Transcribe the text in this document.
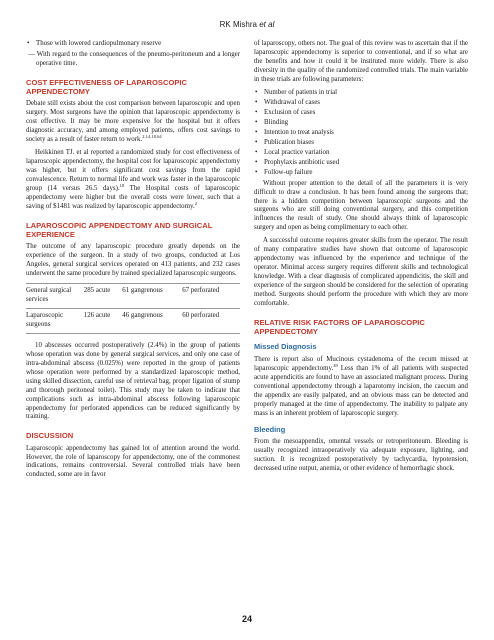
RK Mishra et al
• Those with lowered cardiopulmonary reserve

— With regard to the consequences of the pneumo-peritoneum and a longer operative time.

COST EFFECTIVENESS OF LAPAROSCOPIC APPENDECTOMY

Debate still exists about the cost comparison between laparoscopic and open surgery. Most surgeons have the opinion that laparoscopic appendectomy is cost effective. It may be more expensive for the hospital but it offers diagnostic accuracy, and among employed patients, offers cost savings to society as a result of faster return to work.$^{2,14,18,64}$

Heikkinen TJ. et al reported a randomized study for cost effectiveness of laparoscopic appendectomy, the hospital cost for laparoscopic appendectomy was higher, but it offers significant cost savings from the rapid convalescence. Return to normal life and work was faster in the laparoscopic group (14 versus 26.5 days).$^{18}$ The Hospital costs of laparoscopic appendectomy were higher but the overall costs were lower, such that a saving of $1481 was realized by laparoscopic appendectomy.$^2$

LAPAROSCOPIC APPENDECTOMY AND SURGICAL EXPERIENCE

The outcome of any laparoscopic procedure greatly depends on the experience of the surgeon. In a study of two groups, conducted at Los Angeles, general surgical services operated on 413 patients, and 232 cases underwent the same procedure by trained specialized laparoscopic surgeons.

General surgical services	285 acute	61 gangrenous	67 perforated
Laparoscopic surgeons	126 acute	46 gangrenous	60 perforated

10 abscesses occurred postoperatively (2.4%) in the group of patients whose operation was done by general surgical services, and only one case of intra-abdominal abscess (0.025%) were reported in the group of patients whose operation were performed by a standardized laparoscopic method, using skilled dissection, careful use of retrieval bag, proper ligation of stump and thorough peritoneal toilet). This study may be taken to indicate that complications such as intra-abdominal abscess following laparoscopic appendectomy for perforated appendices can be reduced significantly by training.

DISCUSSION

Laparoscopic appendectomy has gained lot of attention around the world. However, the role of laparoscopy for appendectomy, one of the commonest indications, remains controversial. Several controlled trials have been conducted, some are in favor

of laparoscopy, others not. The goal of this review was to ascertain that if the laparoscopic appendectomy is superior to conventional, and if so what are the benefits and how it could it be instituted more widely. There is also diversity in the quality of the randomized controlled trials. The main variable in these trials are following parameters:

• Number of patients in trial
• Withdrawal of cases
• Exclusion of cases
• Blinding
• Intention to treat analysis
• Publication biases
• Local practice variation
• Prophylaxis antibiotic used
• Follow-up failure

Without proper attention to the detail of all the parameters it is very difficult to draw a conclusion. It has been found among the surgeons that; there is a hidden competition between laparoscopic surgeons and the surgeons who are still doing conventional surgery, and this competition influences the result of study. One should always think of laparoscopic surgery and open as being complimentary to each other.

A successful outcome requires greater skills from the operator. The result of many comparative studies have shown that outcome of laparoscopic appendectomy was influenced by the experience and technique of the operator. Minimal access surgery requires different skills and technological knowledge. With a clear diagnosis of complicated appendicitis, the skill and experience of the surgeon should be considered for the selection of operating method. Surgeons should perform the procedure with which they are more comfortable.

RELATIVE RISK FACTORS OF LAPAROSCOPIC APPENDECTOMY
Missed Diagnosis

There is report also of Mucinous cystadenoma of the cecum missed at laparoscopic appendectomy.$^{49}$ Less than 1% of all patients with suspected acute appendicitis are found to have an associated malignant process. During conventional appendectomy through a laparotomy incision, the caecum and the appendix are easily palpated, and an obvious mass can be detected and properly managed at the time of appendectomy. The inability to palpate any mass is an inherent problem of laparoscopic surgery.

Bleeding

From the mesoappendix, omental vessels or retroperitoneum. Bleeding is usually recognized intraoperatively via adequate exposure, lighting, and suction. It is recognized postoperatively by tachycardia, hypotension, decreased urine output, anemia, or other evidence of hemorrhagic shock.

24
